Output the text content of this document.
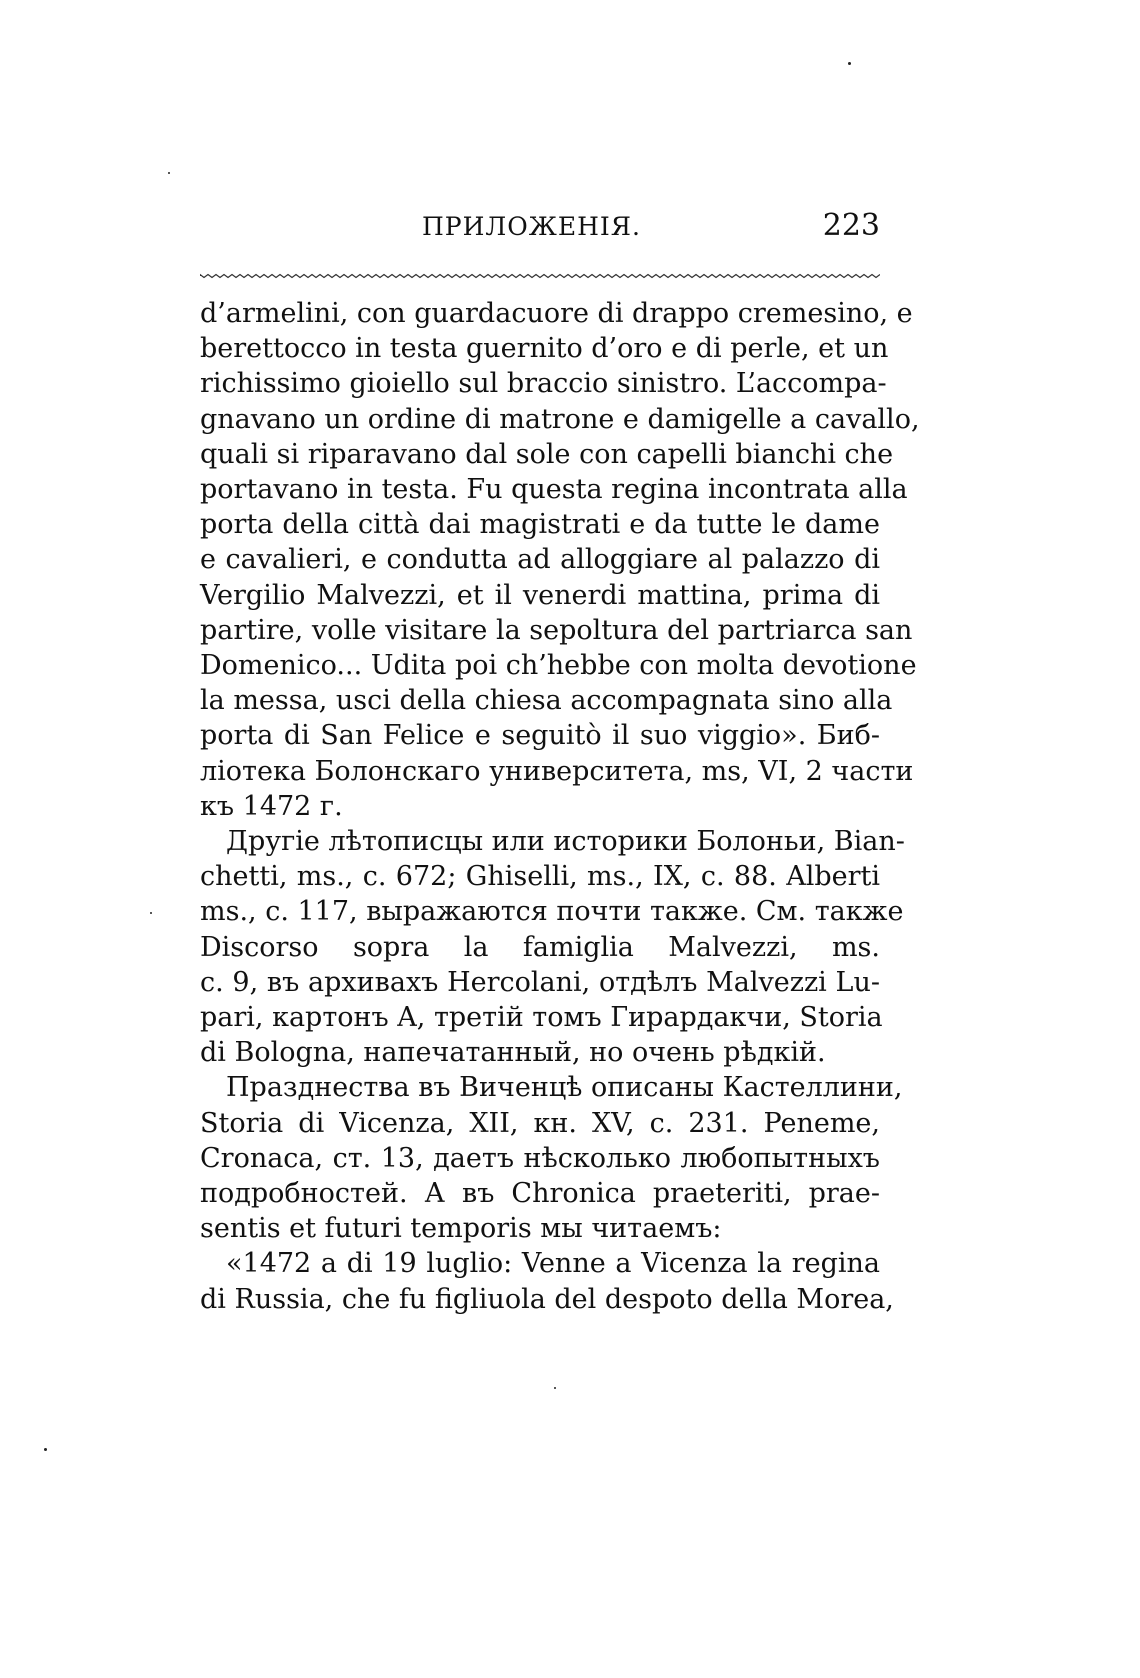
ПРИЛОЖЕНІЯ.	223
d’armelini, con guardacuore di drappo cremesino, e
berettocco in testa guernito d’oro e di perle, et un
richissimo gioiello sul braccio sinistro. L’accompa-
gnavano un ordine di matrone e damigelle a cavallo,
quali si riparavano dal sole con capelli bianchi che
portavano in testa. Fu questa regina incontrata alla
porta della città dai magistrati e da tutte le dame
e cavalieri, e condutta ad alloggiare al palazzo di
Vergilio Malvezzi, et il venerdi mattina, prima di
partire, volle visitare la sepoltura del partriarca san
Domenico... Udita poi ch’hebbe con molta devotione
la messa, usci della chiesa accompagnata sino alla
porta di San Felice e seguitò il suo viggio». Биб-
ліотека Болонскаго университета, ms, VI, 2 части
къ 1472 г.
Другіе лѣтописцы или историки Болоньи, Bian-
chetti, ms., c. 672; Ghiselli, ms., IX, c. 88. Alberti
ms., c. 117, выражаются почти также. См. также
Discorso sopra la famiglia Malvezzi, ms.
c. 9, въ архивахъ Hercolani, отдѣлъ Malvezzi Lu-
pari, картонъ A, третій томъ Гирардакчи, Storia
di Bologna, напечатанный, но очень рѣдкій.
Празднества въ Виченцѣ описаны Кастеллини,
Storia di Vicenza, XII, кн. XV, c. 231. Peneme,
Cronaca, ст. 13, даетъ нѣсколько любопытныхъ
подробностей. А въ Chronica praeteriti, prae-
sentis et futuri temporis мы читаемъ:
«1472 a di 19 luglio: Venne a Vicenza la regina
di Russia, che fu figliuola del despoto della Morea,
